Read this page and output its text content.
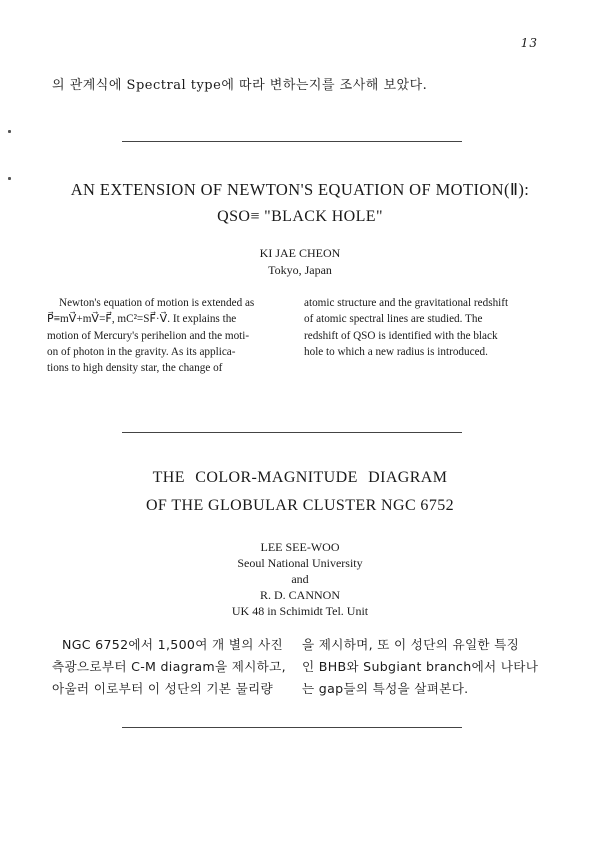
13
의 관계식에 Spectral type에 따라 변하는지를 조사해 보았다.
AN EXTENSION OF NEWTON'S EQUATION OF MOTION(Ⅱ):
QSO≡ "BLACK HOLE"
KI JAE CHEON
Tokyo, Japan
Newton's equation of motion is extended as
P⃗≡mV⃗+mV⃗=F⃗, mC²=SF⃗·V⃗. It explains the
motion of Mercury's perihelion and the moti-
on of photon in the gravity. As its applica-
tions to high density star, the change of
atomic structure and the gravitational redshift
of atomic spectral lines are studied. The
redshift of QSO is identified with the black
hole to which a new radius is introduced.
THE COLOR-MAGNITUDE DIAGRAM
OF THE GLOBULAR CLUSTER NGC 6752
LEE SEE-WOO
Seoul National University
and
R. D. CANNON
UK 48 in Schimidt Tel. Unit
NGC 6752에서 1,500여 개 별의 사진
측광으로부터 C-M diagram을 제시하고,
아울러 이로부터 이 성단의 기본 물리량
을 제시하며, 또 이 성단의 유일한 특징
인 BHB와 Subgiant branch에서 나타나
는 gap들의 특성을 살펴본다.
